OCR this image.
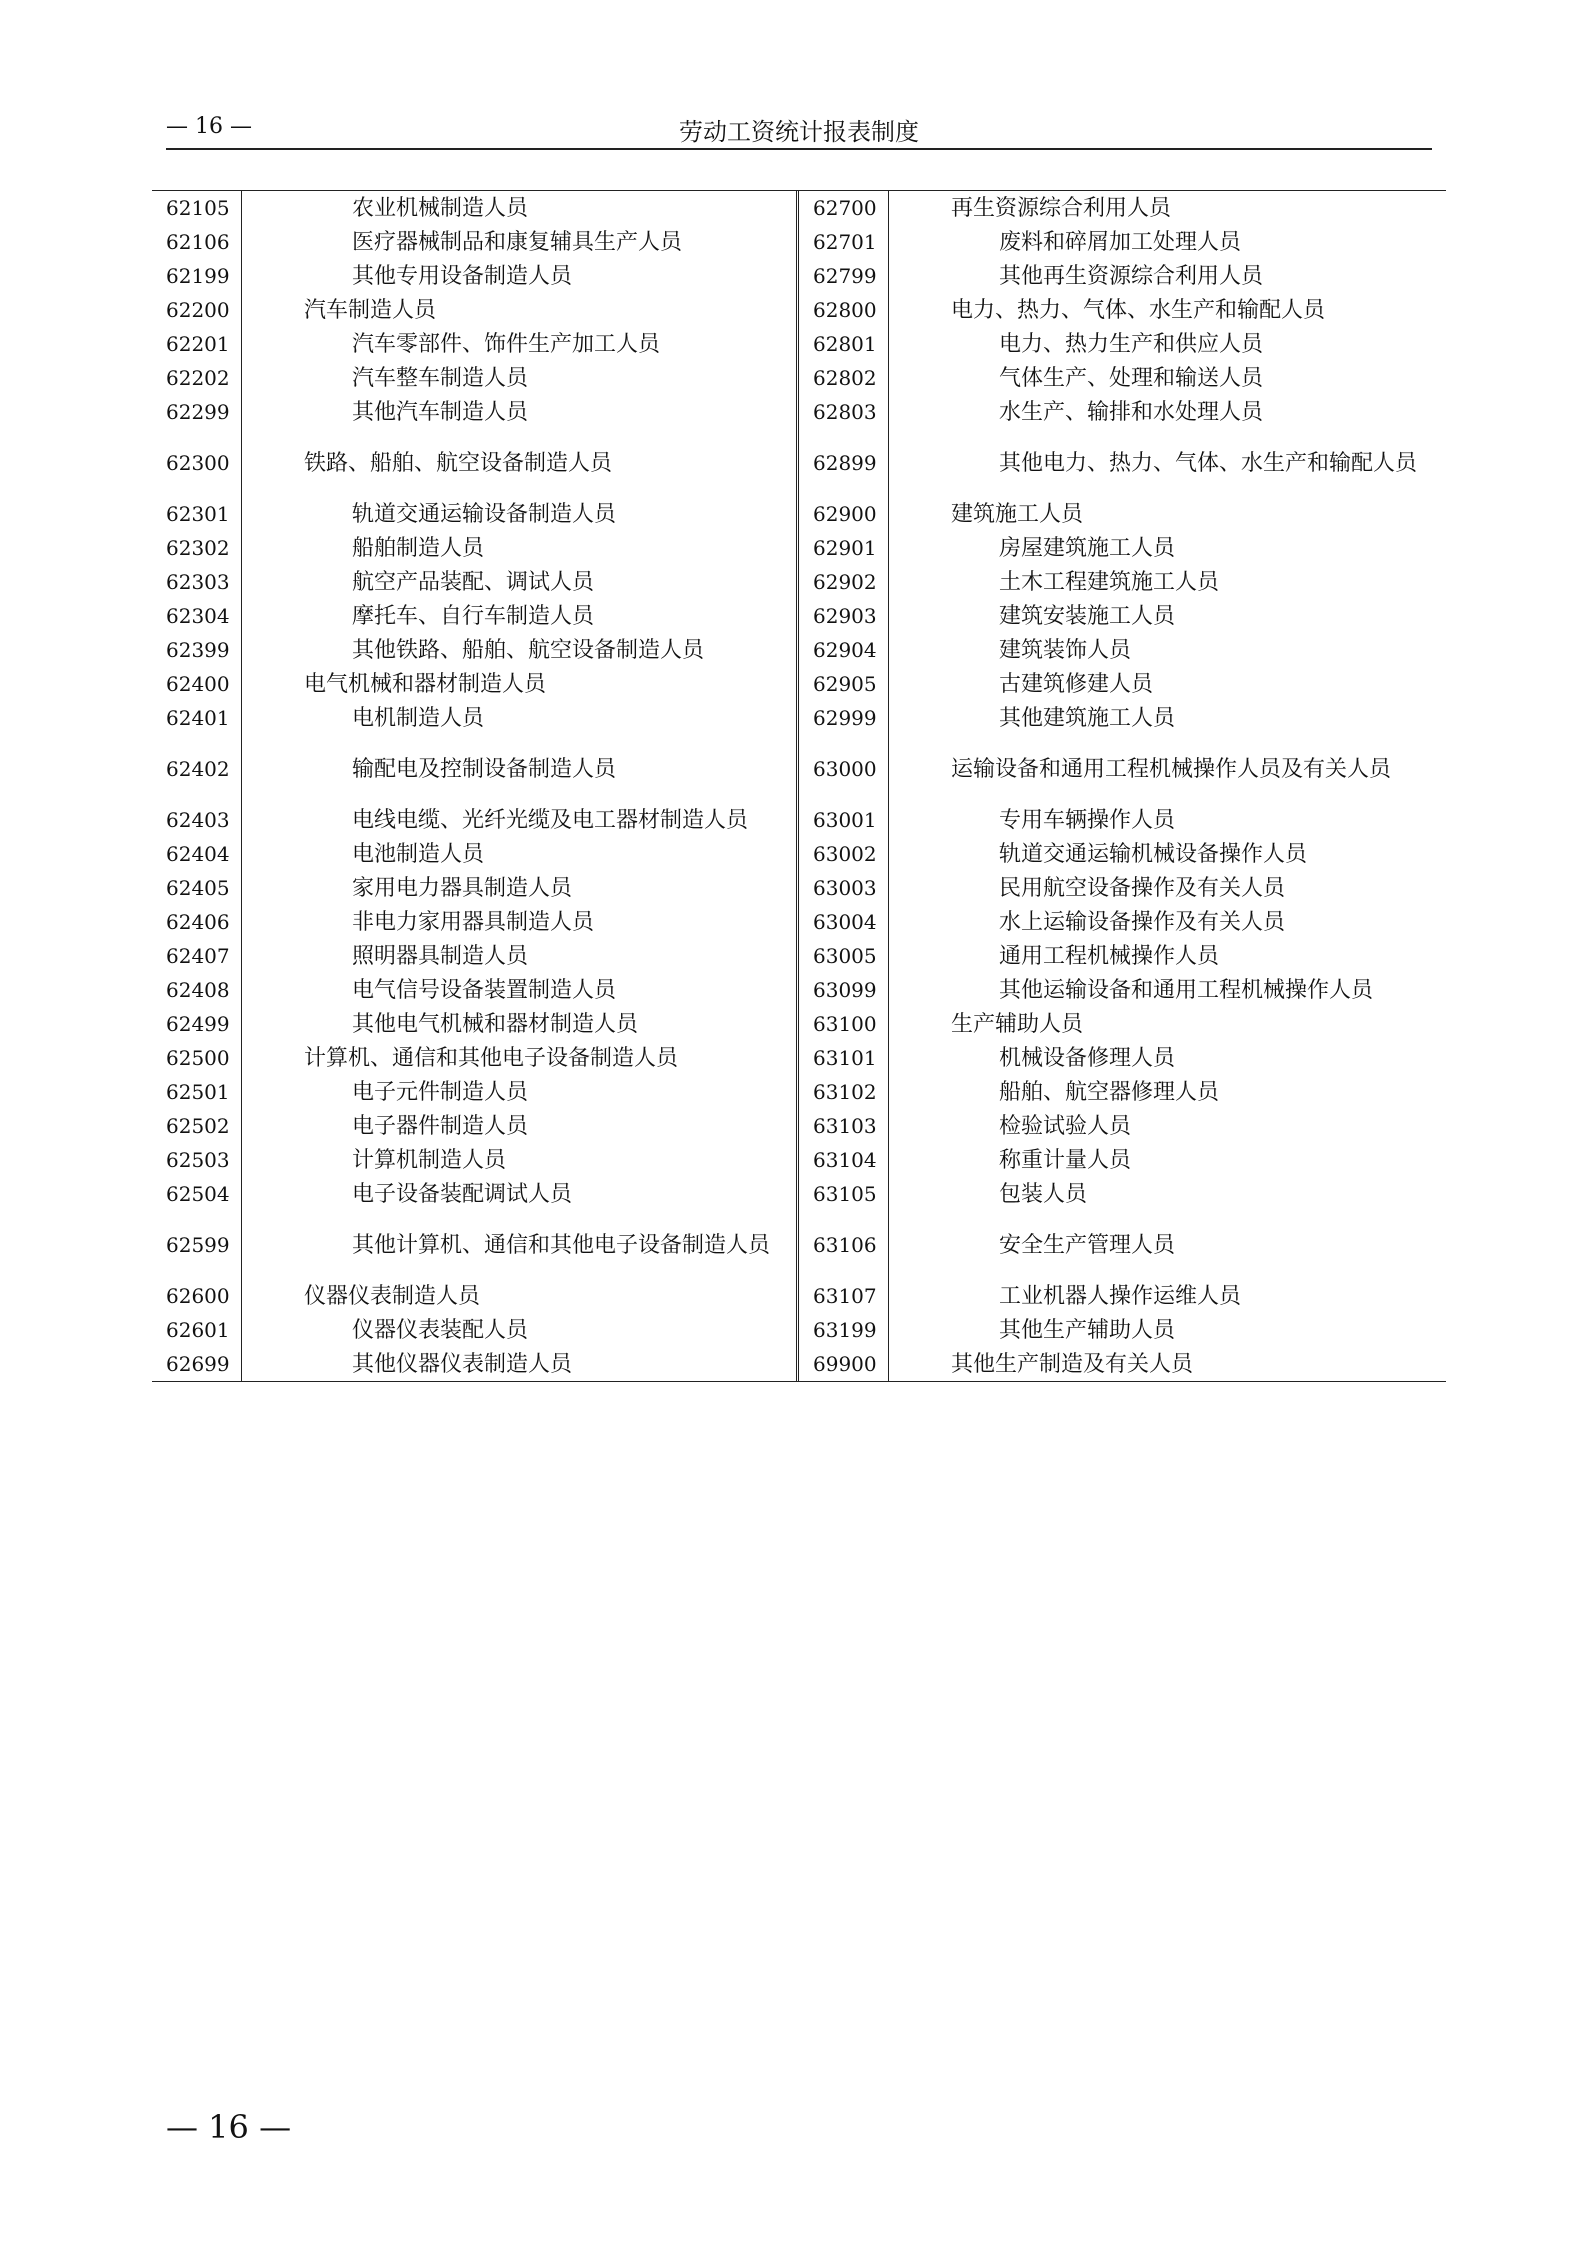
— 16 —	劳动工资统计报表制度
62105	农业机械制造人员
62106	医疗器械制品和康复辅具生产人员
62199	其他专用设备制造人员
62200	汽车制造人员
62201	汽车零部件、饰件生产加工人员
62202	汽车整车制造人员
62299	其他汽车制造人员
62300	铁路、船舶、航空设备制造人员
62301	轨道交通运输设备制造人员
62302	船舶制造人员
62303	航空产品装配、调试人员
62304	摩托车、自行车制造人员
62399	其他铁路、船舶、航空设备制造人员
62400	电气机械和器材制造人员
62401	电机制造人员
62402	输配电及控制设备制造人员
62403	电线电缆、光纤光缆及电工器材制造人员
62404	电池制造人员
62405	家用电力器具制造人员
62406	非电力家用器具制造人员
62407	照明器具制造人员
62408	电气信号设备装置制造人员
62499	其他电气机械和器材制造人员
62500	计算机、通信和其他电子设备制造人员
62501	电子元件制造人员
62502	电子器件制造人员
62503	计算机制造人员
62504	电子设备装配调试人员
62599	其他计算机、通信和其他电子设备制造人员
62600	仪器仪表制造人员
62601	仪器仪表装配人员
62699	其他仪器仪表制造人员
62700	再生资源综合利用人员
62701	废料和碎屑加工处理人员
62799	其他再生资源综合利用人员
62800	电力、热力、气体、水生产和输配人员
62801	电力、热力生产和供应人员
62802	气体生产、处理和输送人员
62803	水生产、输排和水处理人员
62899	其他电力、热力、气体、水生产和输配人员
62900	建筑施工人员
62901	房屋建筑施工人员
62902	土木工程建筑施工人员
62903	建筑安装施工人员
62904	建筑装饰人员
62905	古建筑修建人员
62999	其他建筑施工人员
63000	运输设备和通用工程机械操作人员及有关人员
63001	专用车辆操作人员
63002	轨道交通运输机械设备操作人员
63003	民用航空设备操作及有关人员
63004	水上运输设备操作及有关人员
63005	通用工程机械操作人员
63099	其他运输设备和通用工程机械操作人员
63100	生产辅助人员
63101	机械设备修理人员
63102	船舶、航空器修理人员
63103	检验试验人员
63104	称重计量人员
63105	包装人员
63106	安全生产管理人员
63107	工业机器人操作运维人员
63199	其他生产辅助人员
69900	其他生产制造及有关人员
— 16 —
